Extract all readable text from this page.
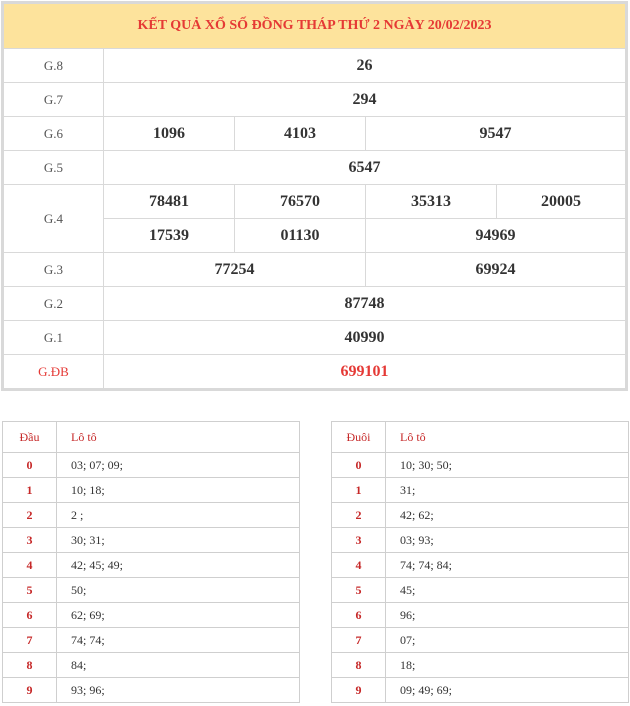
KẾT QUẢ XỔ SỐ ĐỒNG THÁP THỨ 2 NGÀY 20/02/2023				
G.8	26			
G.7	294			
G.6	1096	4103	9547	
G.5	6547			
G.4	78481	76570	35313	20005
	17539	01130	94969	
G.3	77254		69924	
G.2	87748			
G.1	40990			
G.ĐB	699101			
Đầu	Lô tô
0	03; 07; 09;
1	10; 18;
2	2 ;
3	30; 31;
4	42; 45; 49;
5	50;
6	62; 69;
7	74; 74;
8	84;
9	93; 96;
Đuôi	Lô tô
0	10; 30; 50;
1	31;
2	42; 62;
3	03; 93;
4	74; 74; 84;
5	45;
6	96;
7	07;
8	18;
9	09; 49; 69;
